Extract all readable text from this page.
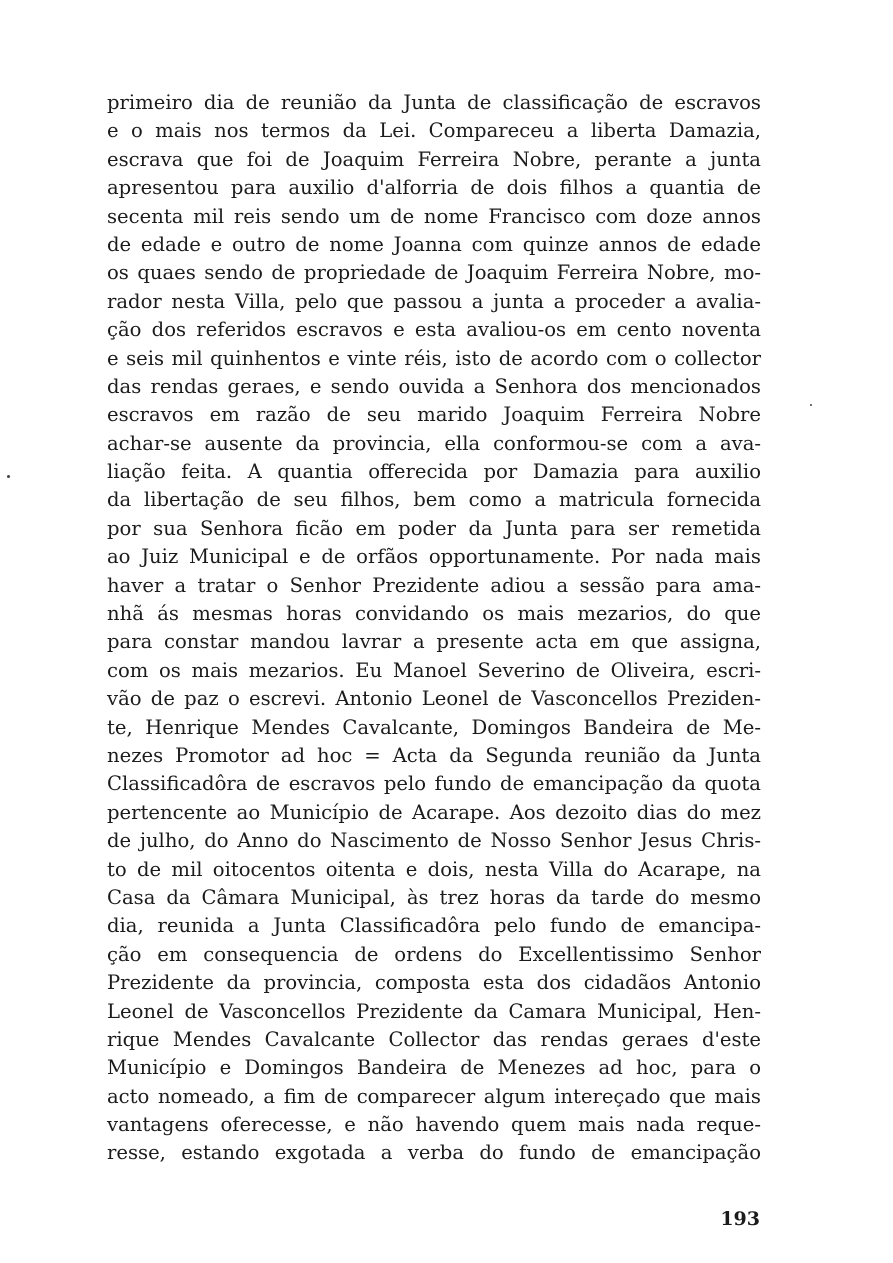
primeiro dia de reunião da Junta de classificação de escravos
e o mais nos termos da Lei. Compareceu a liberta Damazia,
escrava que foi de Joaquim Ferreira Nobre, perante a junta
apresentou para auxilio d'alforria de dois filhos a quantia de
secenta mil reis sendo um de nome Francisco com doze annos
de edade e outro de nome Joanna com quinze annos de edade
os quaes sendo de propriedade de Joaquim Ferreira Nobre, mo-
rador nesta Villa, pelo que passou a junta a proceder a avalia-
ção dos referidos escravos e esta avaliou-os em cento noventa
e seis mil quinhentos e vinte réis, isto de acordo com o collector
das rendas geraes, e sendo ouvida a Senhora dos mencionados
escravos em razão de seu marido Joaquim Ferreira Nobre
achar-se ausente da provincia, ella conformou-se com a ava-
liação feita. A quantia offerecida por Damazia para auxilio
da libertação de seu filhos, bem como a matricula fornecida
por sua Senhora ficão em poder da Junta para ser remetida
ao Juiz Municipal e de orfãos opportunamente. Por nada mais
haver a tratar o Senhor Prezidente adiou a sessão para ama-
nhã ás mesmas horas convidando os mais mezarios, do que
para constar mandou lavrar a presente acta em que assigna,
com os mais mezarios. Eu Manoel Severino de Oliveira, escri-
vão de paz o escrevi. Antonio Leonel de Vasconcellos Preziden-
te, Henrique Mendes Cavalcante, Domingos Bandeira de Me-
nezes Promotor ad hoc = Acta da Segunda reunião da Junta
Classificadôra de escravos pelo fundo de emancipação da quota
pertencente ao Município de Acarape. Aos dezoito dias do mez
de julho, do Anno do Nascimento de Nosso Senhor Jesus Chris-
to de mil oitocentos oitenta e dois, nesta Villa do Acarape, na
Casa da Câmara Municipal, às trez horas da tarde do mesmo
dia, reunida a Junta Classificadôra pelo fundo de emancipa-
ção em consequencia de ordens do Excellentissimo Senhor
Prezidente da provincia, composta esta dos cidadãos Antonio
Leonel de Vasconcellos Prezidente da Camara Municipal, Hen-
rique Mendes Cavalcante Collector das rendas geraes d'este
Município e Domingos Bandeira de Menezes ad hoc, para o
acto nomeado, a fim de comparecer algum intereçado que mais
vantagens oferecesse, e não havendo quem mais nada reque-
resse, estando exgotada a verba do fundo de emancipação
193
